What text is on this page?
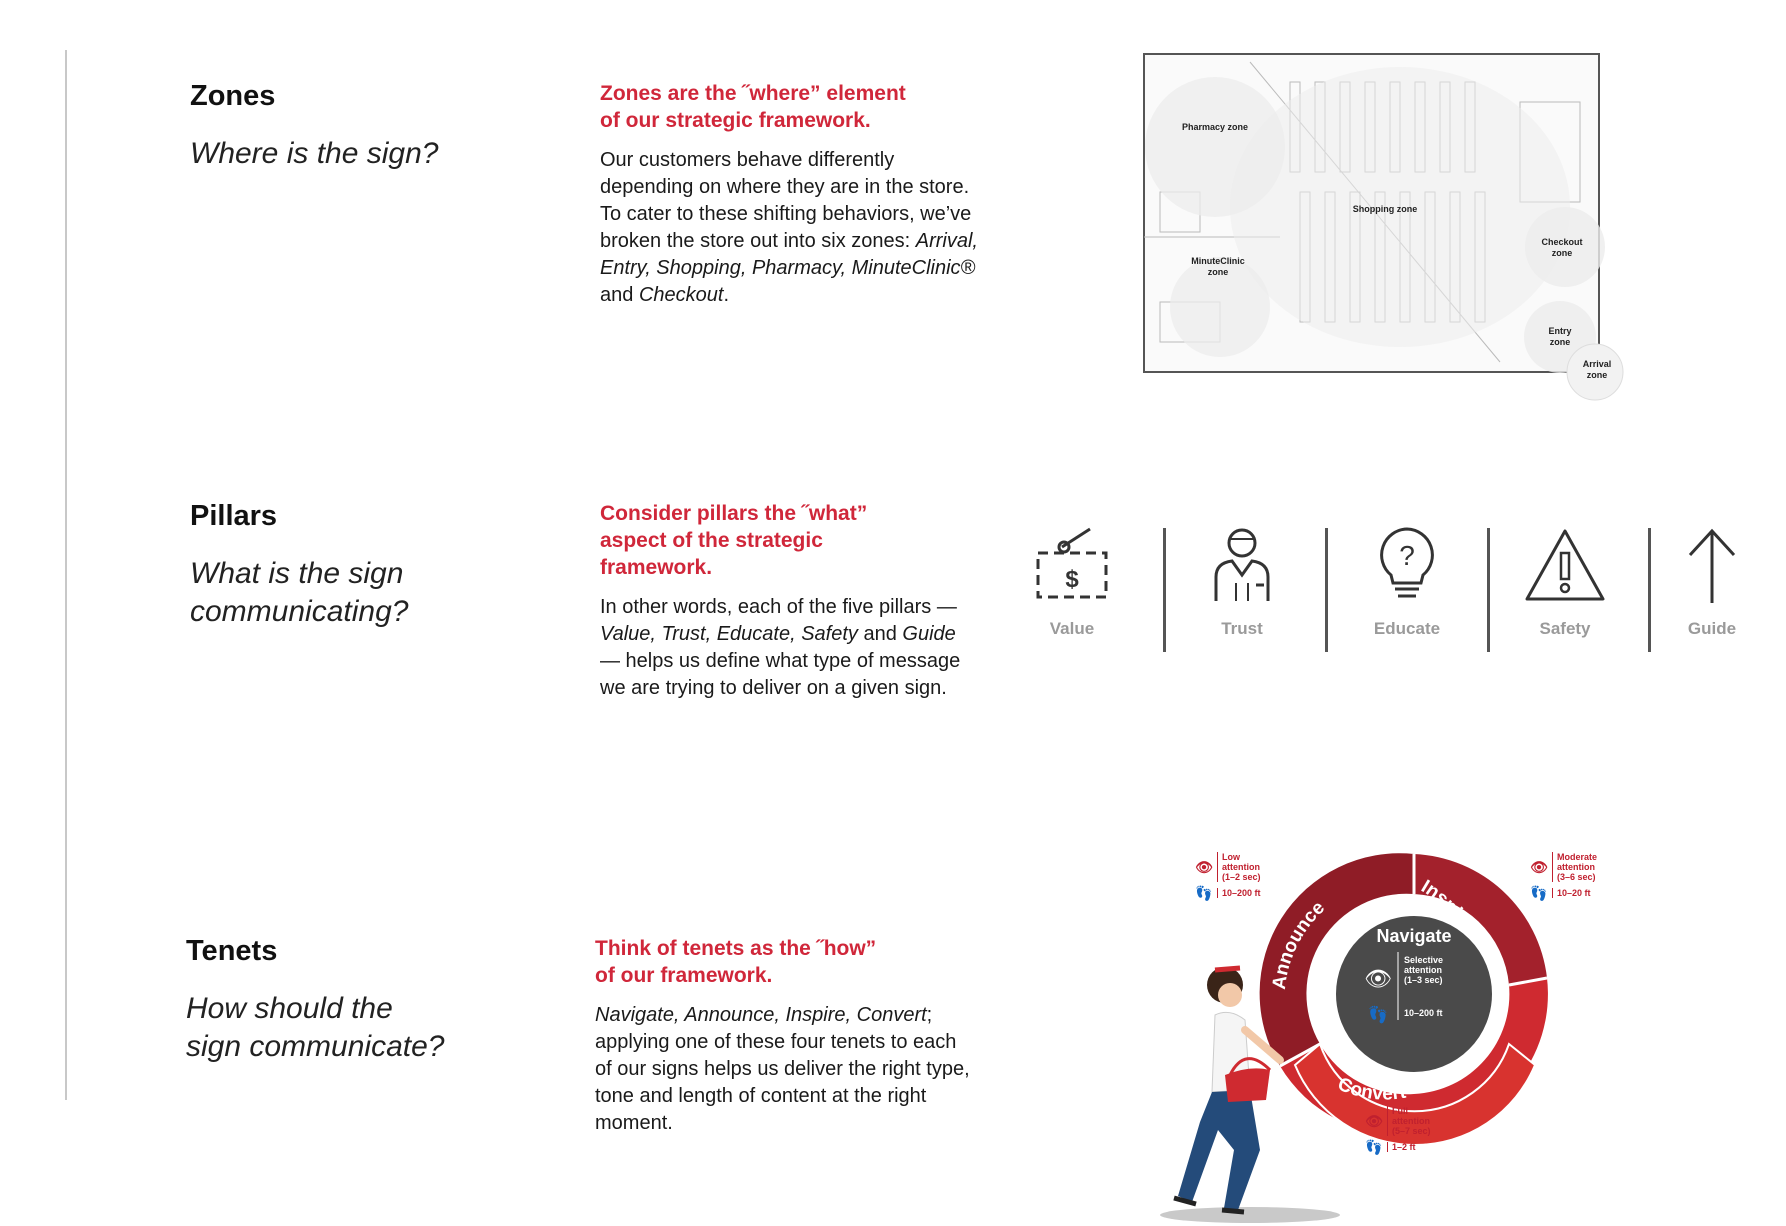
Zones
Where is the sign?
Zones are the ˝where” element
of our strategic framework.
Our customers behave differently depending on where they are in the store. To cater to these shifting behaviors, we’ve broken the store out into six zones: Arrival, Entry, Shopping, Pharmacy, MinuteClinic® and Checkout.
Pharmacy zone
Shopping zone
MinuteClinic
zone
Checkout
zone
Entry
zone
Arrival
zone
Pillars
What is the sign
communicating?
Consider pillars the ˝what”
aspect of the strategic
framework.
In other words, each of the five pillars — Value, Trust, Educate, Safety and Guide — helps us define what type of message we are trying to deliver on a given sign.
$
Value	Trust
?
Educate	Safety	Guide
Tenets
How should the
sign communicate?
Think of tenets as the ˝how”
of our framework.
Navigate, Announce, Inspire, Convert; applying one of these four tenets to each of our signs helps us deliver the right type, tone and length of content at the right moment.
Navigate
👁
Selective
attention
(1–3 sec)
👣 10–200 ft
Announce
Inspire
Convert
👁
Low
attention
(1–2 sec)
👣	10–200 ft
👁
Moderate
attention
(3–6 sec)
👣	10–20 ft
👁
Full
attention
(5–7 sec)
👣	1–2 ft
